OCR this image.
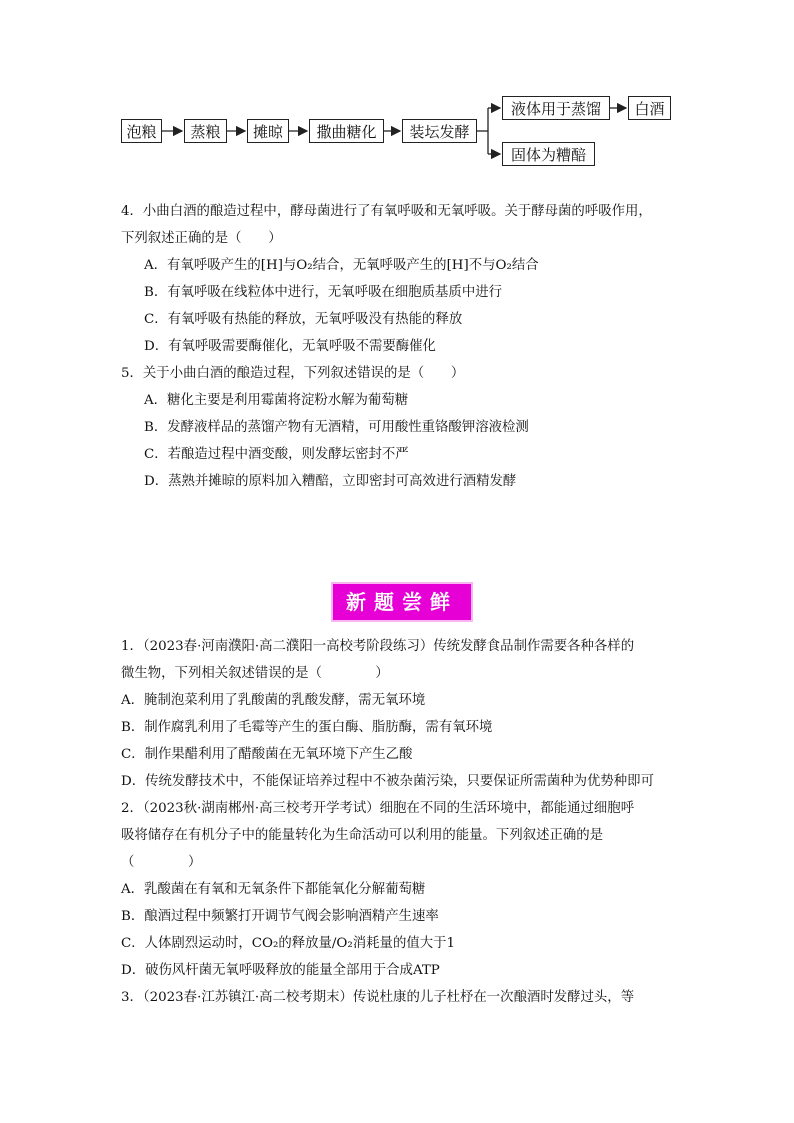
泡粮	蒸粮	摊晾	撒曲糖化	装坛发酵
液体用于蒸馏	白酒
固体为糟醅
4．小曲白酒的酿造过程中，酵母菌进行了有氧呼吸和无氧呼吸。关于酵母菌的呼吸作用，
下列叙述正确的是（　　）
A．有氧呼吸产生的[H]与O₂结合，无氧呼吸产生的[H]不与O₂结合
B．有氧呼吸在线粒体中进行，无氧呼吸在细胞质基质中进行
C．有氧呼吸有热能的释放，无氧呼吸没有热能的释放
D．有氧呼吸需要酶催化，无氧呼吸不需要酶催化
5．关于小曲白酒的酿造过程，下列叙述错误的是（　　）
A．糖化主要是利用霉菌将淀粉水解为葡萄糖
B．发酵液样品的蒸馏产物有无酒精，可用酸性重铬酸钾溶液检测
C．若酿造过程中酒变酸，则发酵坛密封不严
D．蒸熟并摊晾的原料加入糟醅，立即密封可高效进行酒精发酵
新题尝鲜
1．（2023春·河南濮阳·高二濮阳一高校考阶段练习）传统发酵食品制作需要各种各样的
微生物，下列相关叙述错误的是（　　　　）
A．腌制泡菜利用了乳酸菌的乳酸发酵，需无氧环境
B．制作腐乳利用了毛霉等产生的蛋白酶、脂肪酶，需有氧环境
C．制作果醋利用了醋酸菌在无氧环境下产生乙酸
D．传统发酵技术中，不能保证培养过程中不被杂菌污染，只要保证所需菌种为优势种即可
2．（2023秋·湖南郴州·高三校考开学考试）细胞在不同的生活环境中，都能通过细胞呼
吸将储存在有机分子中的能量转化为生命活动可以利用的能量。下列叙述正确的是
（　　　　）
A．乳酸菌在有氧和无氧条件下都能氧化分解葡萄糖
B．酿酒过程中频繁打开调节气阀会影响酒精产生速率
C．人体剧烈运动时，CO₂的释放量/O₂消耗量的值大于1
D．破伤风杆菌无氧呼吸释放的能量全部用于合成ATP
3．（2023春·江苏镇江·高二校考期末）传说杜康的儿子杜杼在一次酿酒时发酵过头，等
